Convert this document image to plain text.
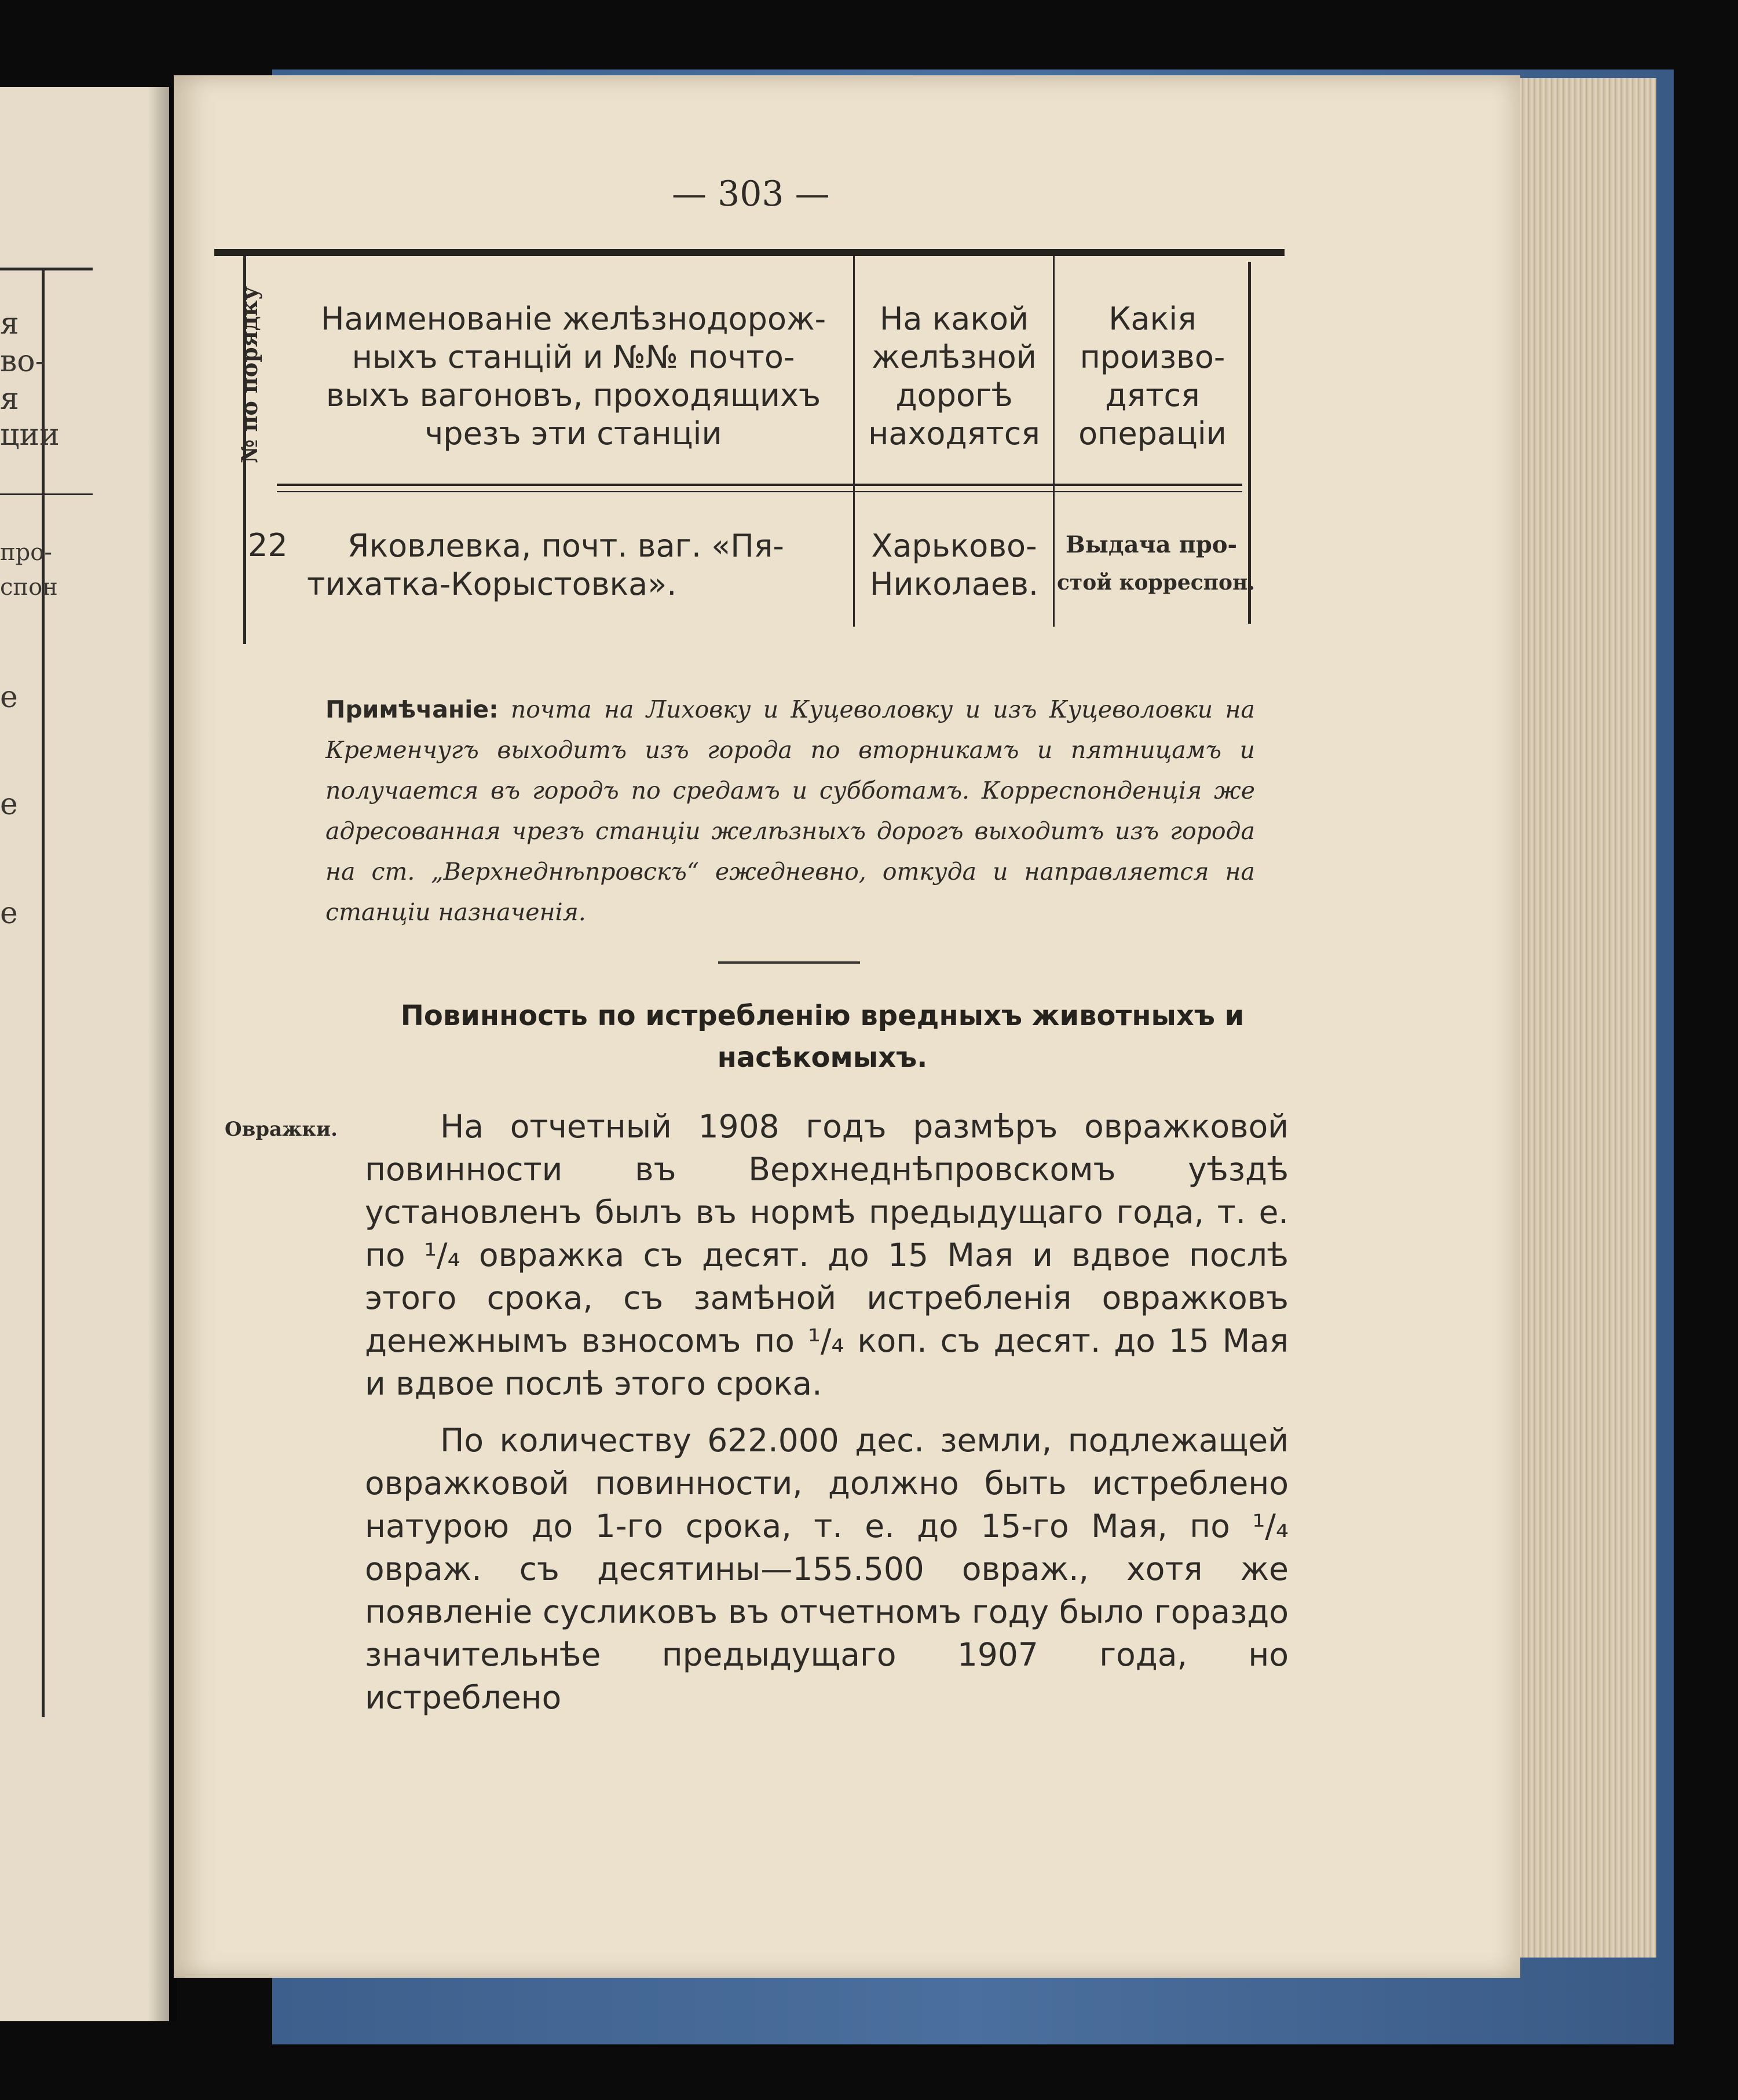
я
во-
я
ции
про-
спон
е
е
е
— 303 —
№ по порядку	Наименованіе желѣзнодорож-
ныхъ станцій и №№ почто-
выхъ вагоновъ, проходящихъ
чрезъ эти станціи
На какой
желѣзной
дорогѣ
находятся
Какія
произво-
дятся
операціи
22 Яковлевка, почт. ваг. «Пя-
тихатка-Корыстовка».
Харьково-
Николаев.
Выдача про-
стой корреспон.
Примѣчаніе: почта на Лиховку и Куцеволовку и изъ Куцеволовки на Кременчугъ выходитъ изъ города по вторникамъ и пятницамъ и получается въ городъ по средамъ и субботамъ. Корреспонденція же адресованная чрезъ станціи желѣзныхъ дорогъ выходитъ изъ города на ст. „Верхнеднѣпровскъ“ ежедневно, откуда и направляется на станціи назначенія.
Повинность по истребленію вредныхъ животныхъ и насѣкомыхъ.
Овражки.	На отчетный 1908 годъ размѣръ овражковой повинности въ Верхнеднѣпровскомъ уѣздѣ установленъ былъ въ нормѣ предыдущаго года, т. е. по ¹/₄ овражка съ десят. до 15 Мая и вдвое послѣ этого срока, съ замѣной истребленія овражковъ денежнымъ взносомъ по ¹/₄ коп. съ десят. до 15 Мая и вдвое послѣ этого срока.
По количеству 622.000 дес. земли, подлежащей овражковой повинности, должно быть истреблено натурою до 1-го срока, т. е. до 15-го Мая, по ¹/₄ овраж. съ десятины—155.500 овраж., хотя же появленіе сусликовъ въ отчетномъ году было гораздо значительнѣе предыдущаго 1907 года, но истреблено
